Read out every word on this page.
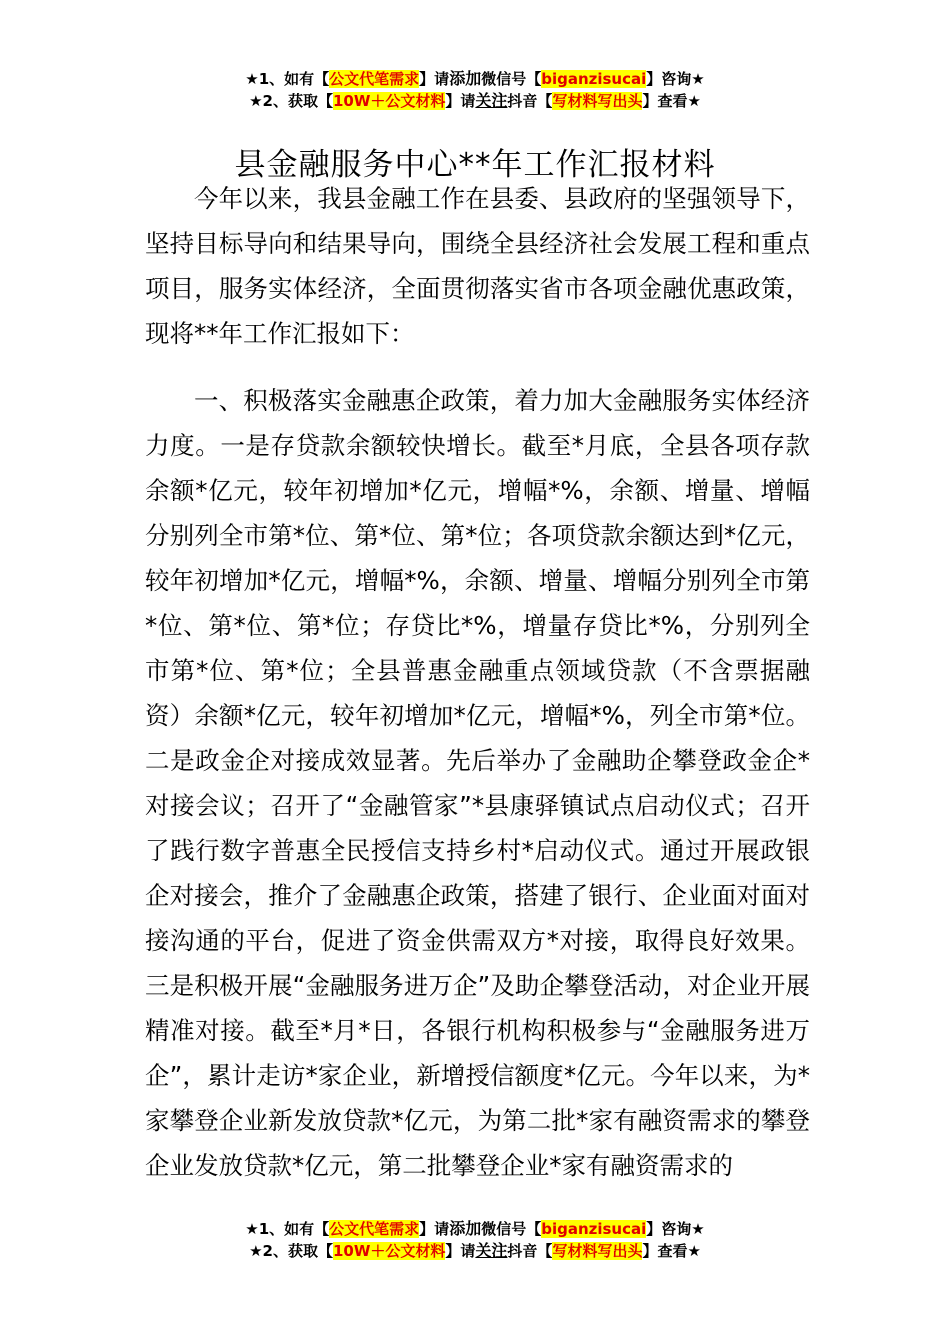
★1、如有【公文代笔需求】请添加微信号【biganzisucai】咨询★
★2、获取【10W＋公文材料】请关注抖音【写材料写出头】查看★
县金融服务中心**年工作汇报材料

今年以来，我县金融工作在县委、县政府的坚强领导下，坚持目标导向和结果导向，围绕全县经济社会发展工程和重点项目，服务实体经济，全面贯彻落实省市各项金融优惠政策，现将**年工作汇报如下：

一、积极落实金融惠企政策，着力加大金融服务实体经济力度。一是存贷款余额较快增长。截至*月底，全县各项存款余额*亿元，较年初增加*亿元，增幅*%，余额、增量、增幅分别列全市第*位、第*位、第*位；各项贷款余额达到*亿元，较年初增加*亿元，增幅*%，余额、增量、增幅分别列全市第*位、第*位、第*位；存贷比*%，增量存贷比*%，分别列全市第*位、第*位；全县普惠金融重点领域贷款（不含票据融资）余额*亿元，较年初增加*亿元，增幅*%，列全市第*位。二是政金企对接成效显著。先后举办了金融助企攀登政金企*对接会议；召开了“金融管家”*县康驿镇试点启动仪式；召开了践行数字普惠全民授信支持乡村*启动仪式。通过开展政银企对接会，推介了金融惠企政策，搭建了银行、企业面对面对接沟通的平台，促进了资金供需双方*对接，取得良好效果。三是积极开展“金融服务进万企”及助企攀登活动，对企业开展精准对接。截至*月*日，各银行机构积极参与“金融服务进万企”，累计走访*家企业，新增授信额度*亿元。今年以来，为*家攀登企业新发放贷款*亿元，为第二批*家有融资需求的攀登企业发放贷款*亿元，第二批攀登企业*家有融资需求的

★1、如有【公文代笔需求】请添加微信号【biganzisucai】咨询★
★2、获取【10W＋公文材料】请关注抖音【写材料写出头】查看★
